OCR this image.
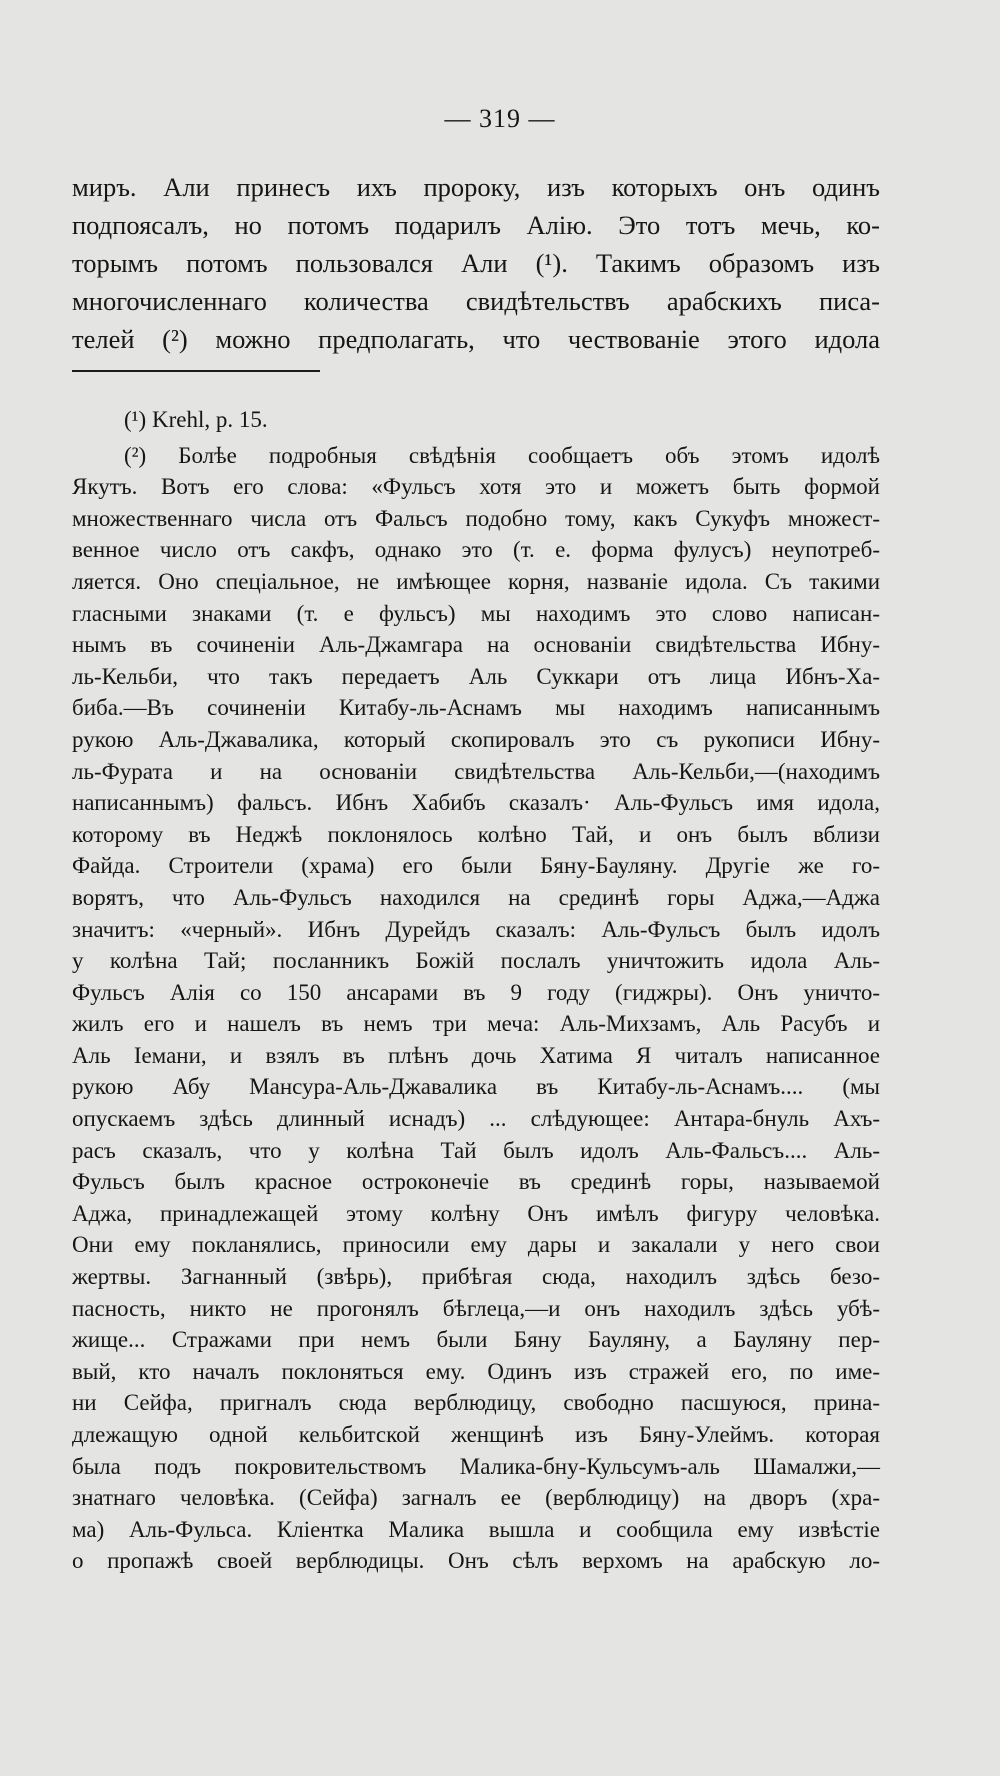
— 319 —
миръ. Али принесъ ихъ пророку, изъ которыхъ онъ одинъ
подпоясалъ, но потомъ подарилъ Алію. Это тотъ мечь, ко-
торымъ потомъ пользовался Али (¹). Такимъ образомъ изъ
многочисленнаго количества свидѣтельствъ арабскихъ писа-
телей (²) можно предполагать, что чествованіе этого идола
(¹) Krehl, p. 15.
(²) Болѣе подробныя свѣдѣнія сообщаетъ объ этомъ идолѣ
Якутъ. Вотъ его слова: «Фульсъ хотя это и можетъ быть формой
множественнаго числа отъ Фальсъ подобно тому, какъ Сукуфъ множест-
венное число отъ сакфъ, однако это (т. е. форма фулусъ) неупотреб-
ляется. Оно спеціальное, не имѣющее корня, названіе идола. Съ такими
гласными знаками (т. е фульсъ) мы находимъ это слово написан-
нымъ въ сочиненіи Аль-Джамгара на основаніи свидѣтельства Ибну-
ль-Кельби, что такъ передаетъ Аль Суккари отъ лица Ибнъ-Ха-
биба.—Въ сочиненіи Китабу-ль-Аснамъ мы находимъ написаннымъ
рукою Аль-Джаваликa, который скопировалъ это съ рукописи Ибну-
ль-Фурата и на основаніи свидѣтельства Аль-Кельби,—(находимъ
написаннымъ) фальсъ. Ибнъ Хабибъ сказалъ· Аль-Фульсъ имя идола,
которому въ Неджѣ поклонялось колѣно Тай, и онъ былъ вблизи
Файда. Строители (храма) его были Бяну-Бауляну. Другіе же го-
ворятъ, что Аль-Фульсъ находился на срединѣ горы Аджа,—Аджа
значитъ: «черный». Ибнъ Дурейдъ сказалъ: Аль-Фульсъ былъ идолъ
у колѣна Тай; посланникъ Божій послалъ уничтожить идола Аль-
Фульсъ Алія со 150 ансарами въ 9 году (гиджры). Онъ уничто-
жилъ его и нашелъ въ немъ три меча: Аль-Михзамъ, Аль Расубъ и
Аль Іемани, и взялъ въ плѣнъ дочь Хатима Я читалъ написанное
рукою Абу Мансура-Аль-Джаваликa въ Китабу-ль-Аснамъ.... (мы
опускаемъ здѣсь длинный иснадъ) ... слѣдующее: Антара-бнуль Ахъ-
расъ сказалъ, что у колѣна Тай былъ идолъ Аль-Фальсъ.... Аль-
Фульсъ былъ красное остроконечіе въ срединѣ горы, называемой
Аджа, принадлежащей этому колѣну Онъ имѣлъ фигуру человѣка.
Они ему покланялись, приносили ему дары и закалали у него свои
жертвы. Загнанный (звѣрь), прибѣгая сюда, находилъ здѣсь безо-
пасность, никто не прогонялъ бѣглеца,—и онъ находилъ здѣсь убѣ-
жище... Стражами при немъ были Бяну Бауляну, а Бауляну пер-
вый, кто началъ поклоняться ему. Одинъ изъ стражей его, по име-
ни Сейфа, пригналъ сюда верблюдицу, свободно пасшуюся, прина-
длежащую одной кельбитской женщинѣ изъ Бяну-Улеймъ. которая
была подъ покровительствомъ Малика-бну-Кульсумъ-аль Шамалжи,—
знатнаго человѣка. (Сейфа) загналъ ее (верблюдицу) на дворъ (хра-
ма) Аль-Фульса. Кліентка Малика вышла и сообщила ему извѣстіе
о пропажѣ своей верблюдицы. Онъ сѣлъ верхомъ на арабскую ло-
